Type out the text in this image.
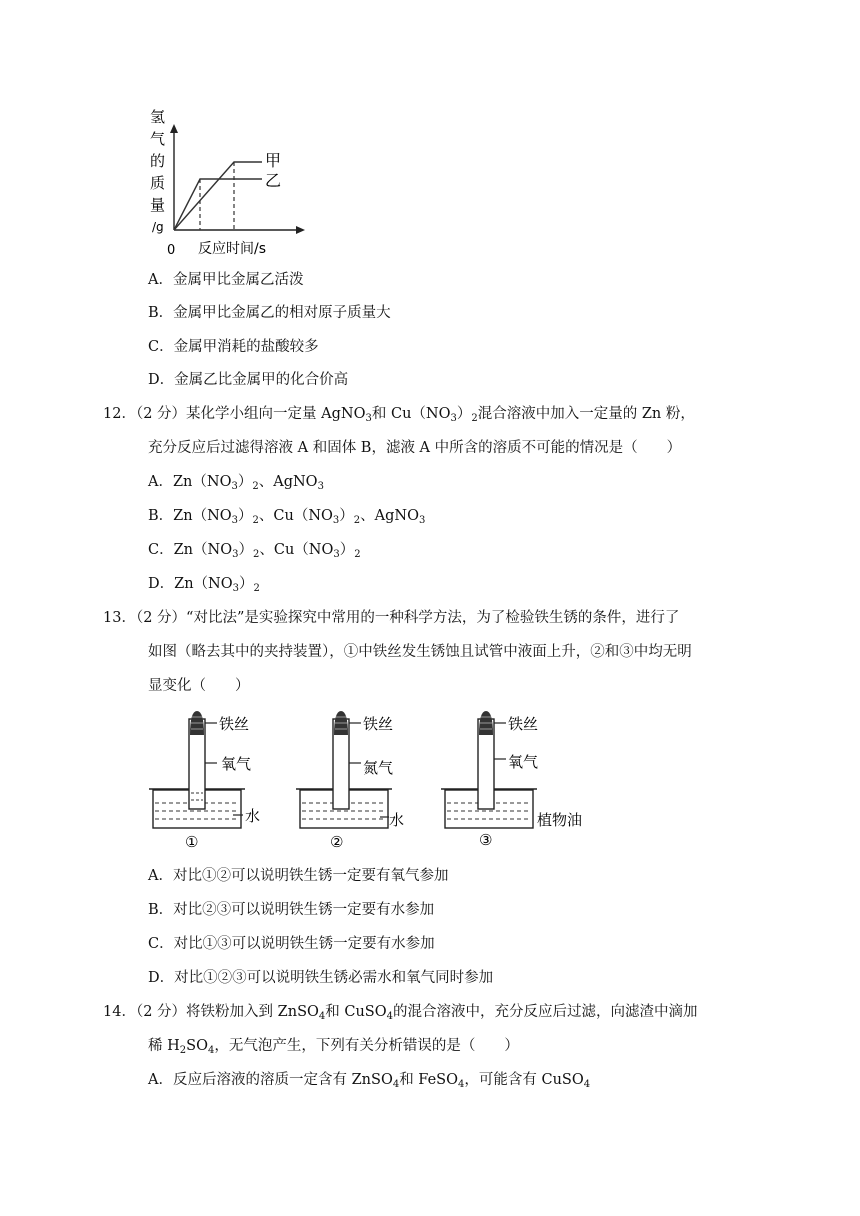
氢
气
的
质
量
/g
甲
乙
0 反应时间/s
A．金属甲比金属乙活泼
B．金属甲比金属乙的相对原子质量大
C．金属甲消耗的盐酸较多
D．金属乙比金属甲的化合价高
12．（2 分）某化学小组向一定量 AgNO$_3$和 $Cu(NO_3)_2$混合溶液中加入一定量的 Zn 粉，
充分反应后过滤得溶液 A 和固体 B，滤液 A 中所含的溶质不可能的情况是（　　）
A．$Zn(NO_3)_2$、AgNO$_3$
B．$Zn(NO_3)_2$、$Cu(NO_3)_2$、AgNO$_3$
C．$Zn(NO_3)_2$、$Cu(NO_3)_2$
D．$Zn(NO_3)_2$
13．（2 分）“对比法”是实验探究中常用的一种科学方法，为了检验铁生锈的条件，进行了
如图（略去其中的夹持装置），①中铁丝发生锈蚀且试管中液面上升，②和③中均无明
显变化（　　）
铁丝
氧气
水
①
铁丝
氮气
水
②
铁丝
氧气
植物油
③
A．对比①②可以说明铁生锈一定要有氧气参加
B．对比②③可以说明铁生锈一定要有水参加
C．对比①③可以说明铁生锈一定要有水参加
D．对比①②③可以说明铁生锈必需水和氧气同时参加
14．（2 分）将铁粉加入到 ZnSO$_4$和 CuSO$_4$的混合溶液中，充分反应后过滤，向滤渣中滴加
稀 $H_2SO_4$，无气泡产生，下列有关分析错误的是（　　）
A．反应后溶液的溶质一定含有 ZnSO$_4$和 FeSO$_4$，可能含有 CuSO$_4$
